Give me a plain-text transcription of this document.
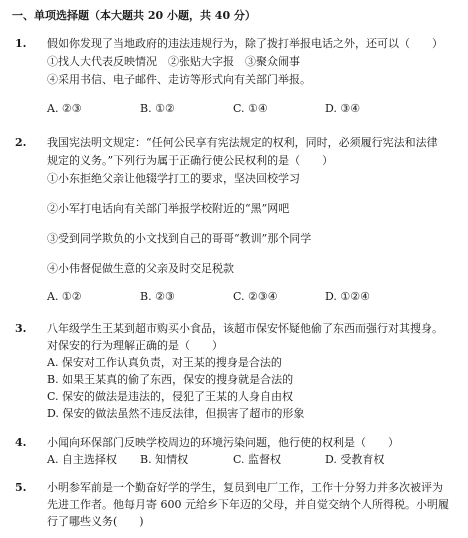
一、单项选择题（本大题共 20 小题，共 40 分）
1. 假如你发现了当地政府的违法违规行为，除了拨打举报电话之外，还可以（　　）
①找人大代表反映情况　②张贴大字报　③聚众闹事
④采用书信、电子邮件、走访等形式向有关部门举报。
A. ②③	B. ①②	C. ①④	D. ③④
2. 我国宪法明文规定：“任何公民享有宪法规定的权利，同时，必须履行宪法和法律
规定的义务。”下列行为属于正确行使公民权利的是（　　）
①小东拒绝父亲让他辍学打工的要求，坚决回校学习
②小军打电话向有关部门举报学校附近的“黑”网吧
③受到同学欺负的小文找到自己的哥哥“教训”那个同学
④小伟督促做生意的父亲及时交足税款
A. ①②	B. ②③	C. ②③④	D. ①②④
3. 八年级学生王某到超市购买小食品，该超市保安怀疑他偷了东西而强行对其搜身。
对保安的行为理解正确的是（　　）
A. 保安对工作认真负责，对王某的搜身是合法的
B. 如果王某真的偷了东西，保安的搜身就是合法的
C. 保安的做法是违法的，侵犯了王某的人身自由权
D. 保安的做法虽然不违反法律，但损害了超市的形象
4. 小闻向环保部门反映学校周边的环境污染问题，他行使的权利是（　　）
A. 自主选择权 B. 知情权	C. 监督权	D. 受教育权
5. 小明参军前是一个勤奋好学的学生，复员到电厂工作，工作十分努力并多次被评为
先进工作者。他每月寄 600 元给乡下年迈的父母，并自觉交纳个人所得税。小明履
行了哪些义务(　　)
